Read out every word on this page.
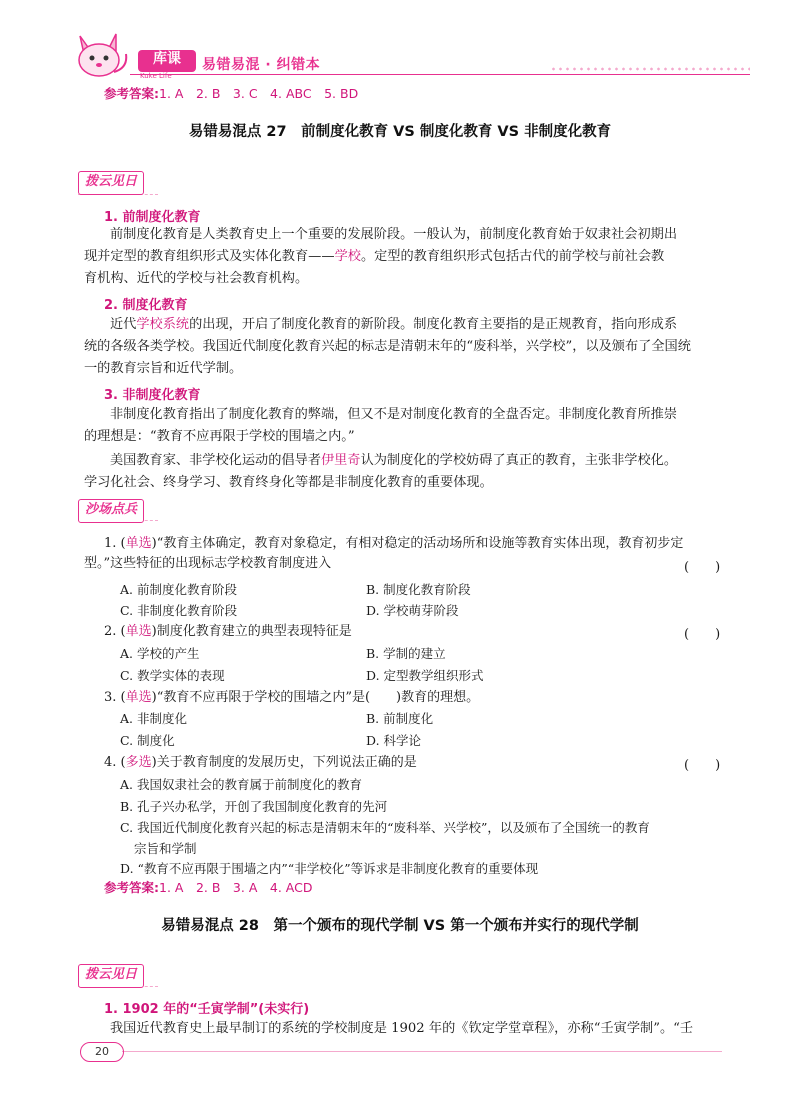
库课
Kuke Life
易错易混 · 纠错本
参考答案:1. A　2. B　3. C　4. ABC　5. BD
易错易混点 27　前制度化教育 VS 制度化教育 VS 非制度化教育
拨云见日
1. 前制度化教育
前制度化教育是人类教育史上一个重要的发展阶段。一般认为，前制度化教育始于奴隶社会初期出
现并定型的教育组织形式及实体化教育——学校。定型的教育组织形式包括古代的前学校与前社会教
育机构、近代的学校与社会教育机构。
2. 制度化教育
近代学校系统的出现，开启了制度化教育的新阶段。制度化教育主要指的是正规教育，指向形成系
统的各级各类学校。我国近代制度化教育兴起的标志是清朝末年的“废科举，兴学校”，以及颁布了全国统
一的教育宗旨和近代学制。
3. 非制度化教育
非制度化教育指出了制度化教育的弊端，但又不是对制度化教育的全盘否定。非制度化教育所推崇
的理想是：“教育不应再限于学校的围墙之内。”
美国教育家、非学校化运动的倡导者伊里奇认为制度化的学校妨碍了真正的教育，主张非学校化。
学习化社会、终身学习、教育终身化等都是非制度化教育的重要体现。
沙场点兵
1. (单选)“教育主体确定，教育对象稳定，有相对稳定的活动场所和设施等教育实体出现，教育初步定
型。”这些特征的出现标志学校教育制度进入	(　　)
A. 前制度化教育阶段	B. 制度化教育阶段
C. 非制度化教育阶段	D. 学校萌芽阶段
2. (单选)制度化教育建立的典型表现特征是	(　　)
A. 学校的产生	B. 学制的建立
C. 教学实体的表现	D. 定型教学组织形式
3. (单选)“教育不应再限于学校的围墙之内”是(　　)教育的理想。
A. 非制度化	B. 前制度化
C. 制度化	D. 科学论
4. (多选)关于教育制度的发展历史，下列说法正确的是	(　　)
A. 我国奴隶社会的教育属于前制度化的教育
B. 孔子兴办私学，开创了我国制度化教育的先河
C. 我国近代制度化教育兴起的标志是清朝末年的“废科举、兴学校”，以及颁布了全国统一的教育
宗旨和学制
D. “教育不应再限于围墙之内”“非学校化”等诉求是非制度化教育的重要体现
参考答案:1. A　2. B　3. A　4. ACD
易错易混点 28　第一个颁布的现代学制 VS 第一个颁布并实行的现代学制
拨云见日
1. 1902 年的“壬寅学制”(未实行)
我国近代教育史上最早制订的系统的学校制度是 1902 年的《钦定学堂章程》，亦称“壬寅学制”。“壬
20
